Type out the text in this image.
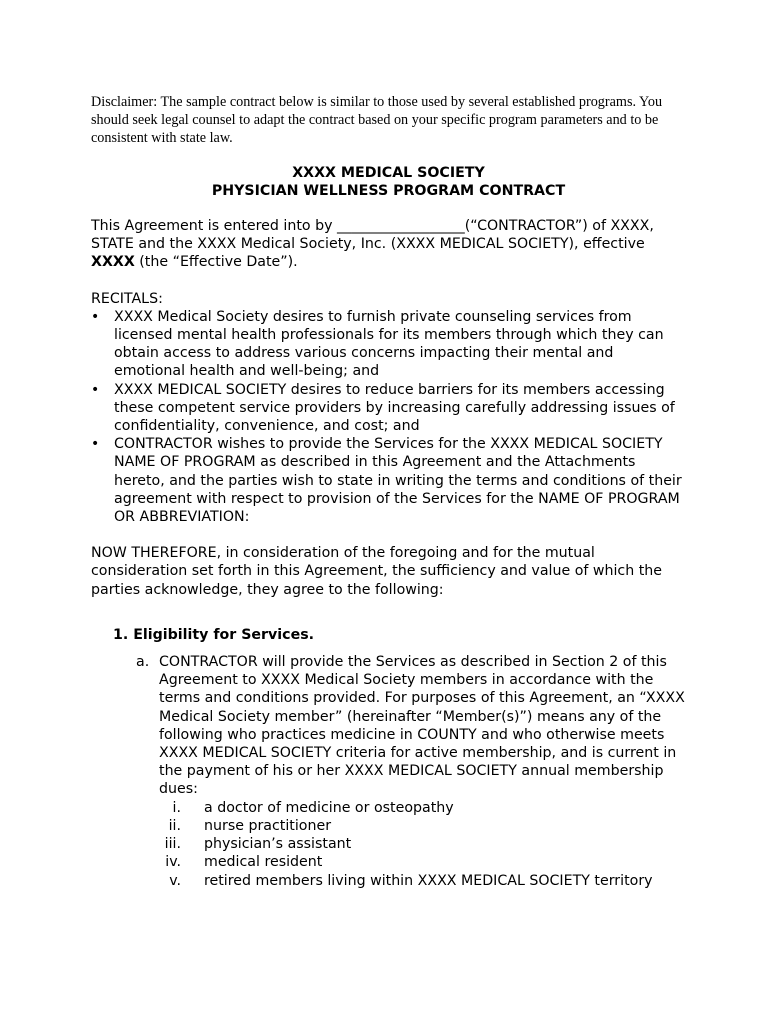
Disclaimer: The sample contract below is similar to those used by several established programs. You should seek legal counsel to adapt the contract based on your specific program parameters and to be consistent with state law.

XXXX MEDICAL SOCIETY
PHYSICIAN WELLNESS PROGRAM CONTRACT
This Agreement is entered into by __________________(“CONTRACTOR”) of XXXX, STATE and the XXXX Medical Society, Inc. (XXXX MEDICAL SOCIETY), effective XXXX (the “Effective Date”).
RECITALS:
• XXXX Medical Society desires to furnish private counseling services from licensed mental health professionals for its members through which they can obtain access to address various concerns impacting their mental and emotional health and well-being; and
• XXXX MEDICAL SOCIETY desires to reduce barriers for its members accessing these competent service providers by increasing carefully addressing issues of confidentiality, convenience, and cost; and
• CONTRACTOR wishes to provide the Services for the XXXX MEDICAL SOCIETY NAME OF PROGRAM as described in this Agreement and the Attachments hereto, and the parties wish to state in writing the terms and conditions of their agreement with respect to provision of the Services for the NAME OF PROGRAM OR ABBREVIATION:
NOW THEREFORE, in consideration of the foregoing and for the mutual consideration set forth in this Agreement, the sufficiency and value of which the parties acknowledge, they agree to the following:
1. Eligibility for Services.
a. CONTRACTOR will provide the Services as described in Section 2 of this Agreement to XXXX Medical Society members in accordance with the terms and conditions provided. For purposes of this Agreement, an “XXXX Medical Society member” (hereinafter “Member(s)”) means any of the following who practices medicine in COUNTY and who otherwise meets XXXX MEDICAL SOCIETY criteria for active membership, and is current in the payment of his or her XXXX MEDICAL SOCIETY annual membership dues:
i. a doctor of medicine or osteopathy
ii. nurse practitioner
iii. physician’s assistant
iv. medical resident
v. retired members living within XXXX MEDICAL SOCIETY territory
